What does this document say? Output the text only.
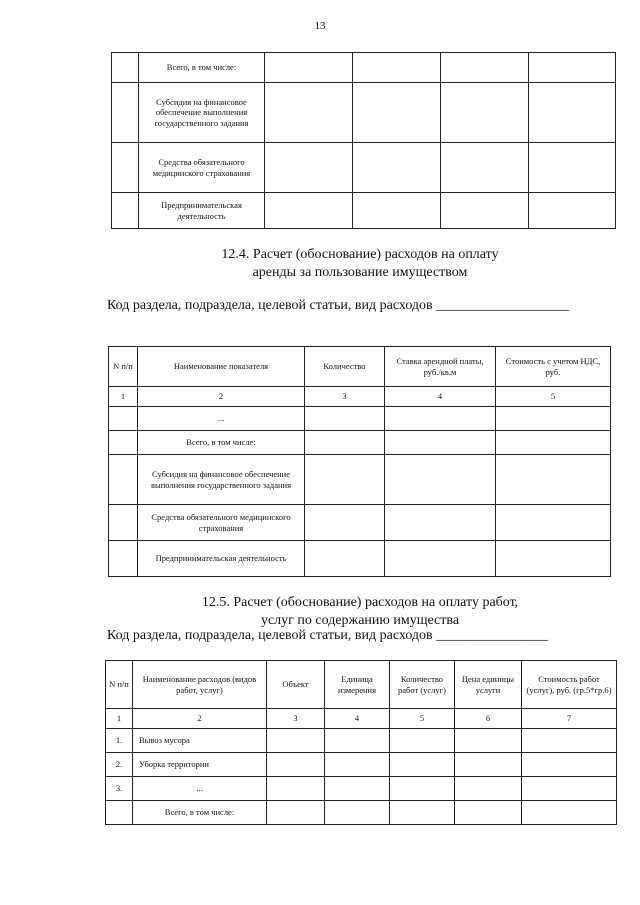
13
	Всего, в том числе:				
	Субсидия на финансовое обеспечение выполнения государственного задания				
	Средства обязательного медицинского страхования				
	Предпринимательская деятельность				
12.4. Расчет (обоснование) расходов на оплату
аренды за пользование имуществом
Код раздела, подраздела, целевой статьи, вид расходов ___________________
N п/п	Наименование показателя	Количество	Ставка арендной платы, руб./кв.м	Стоимость с учетом НДС, руб.
1	2	3	4	5
	...			
	Всего, в том числе:			
	Субсидия на финансовое обеспечение выполнения государственного задания			
	Средства обязательного медицинского страхования			
	Предпринимательская деятельность			
12.5. Расчет (обоснование) расходов на оплату работ,
услуг по содержанию имущества
Код раздела, подраздела, целевой статьи, вид расходов ________________
N п/п	Наименование расходов (видов работ, услуг)	Объект	Единица измерения	Количество работ (услуг)	Цена единицы услуги	Стоимость работ (услуг), руб. (гр.5*гр.6)
1	2	3	4	5	6	7
1.	Вывоз мусора					
2.	Уборка территории					
3.	...					
	Всего, в том числе:					
